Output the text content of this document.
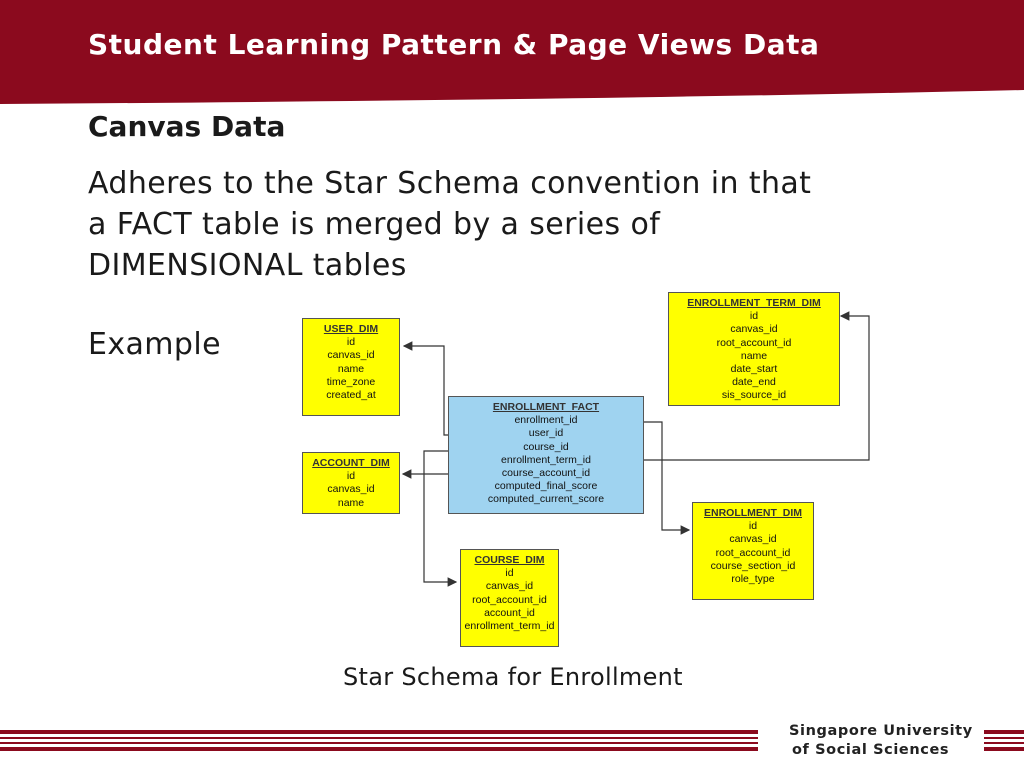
Student Learning Pattern & Page Views Data
Canvas Data
Adheres to the Star Schema convention in that
a FACT table is merged by a series of
DIMENSIONAL tables
Example	USER_DIM
id
canvas_id
name
time_zone
created_at
ACCOUNT_DIM
id
canvas_id
name
ENROLLMENT_FACT
enrollment_id
user_id
course_id
enrollment_term_id
course_account_id
computed_final_score
computed_current_score
ENROLLMENT_TERM_DIM
id
canvas_id
root_account_id
name
date_start
date_end
sis_source_id
ENROLLMENT_DIM
id
canvas_id
root_account_id
course_section_id
role_type
COURSE_DIM
id
canvas_id
root_account_id
account_id
enrollment_term_id
Star Schema for Enrollment
Singapore University
of Social Sciences
